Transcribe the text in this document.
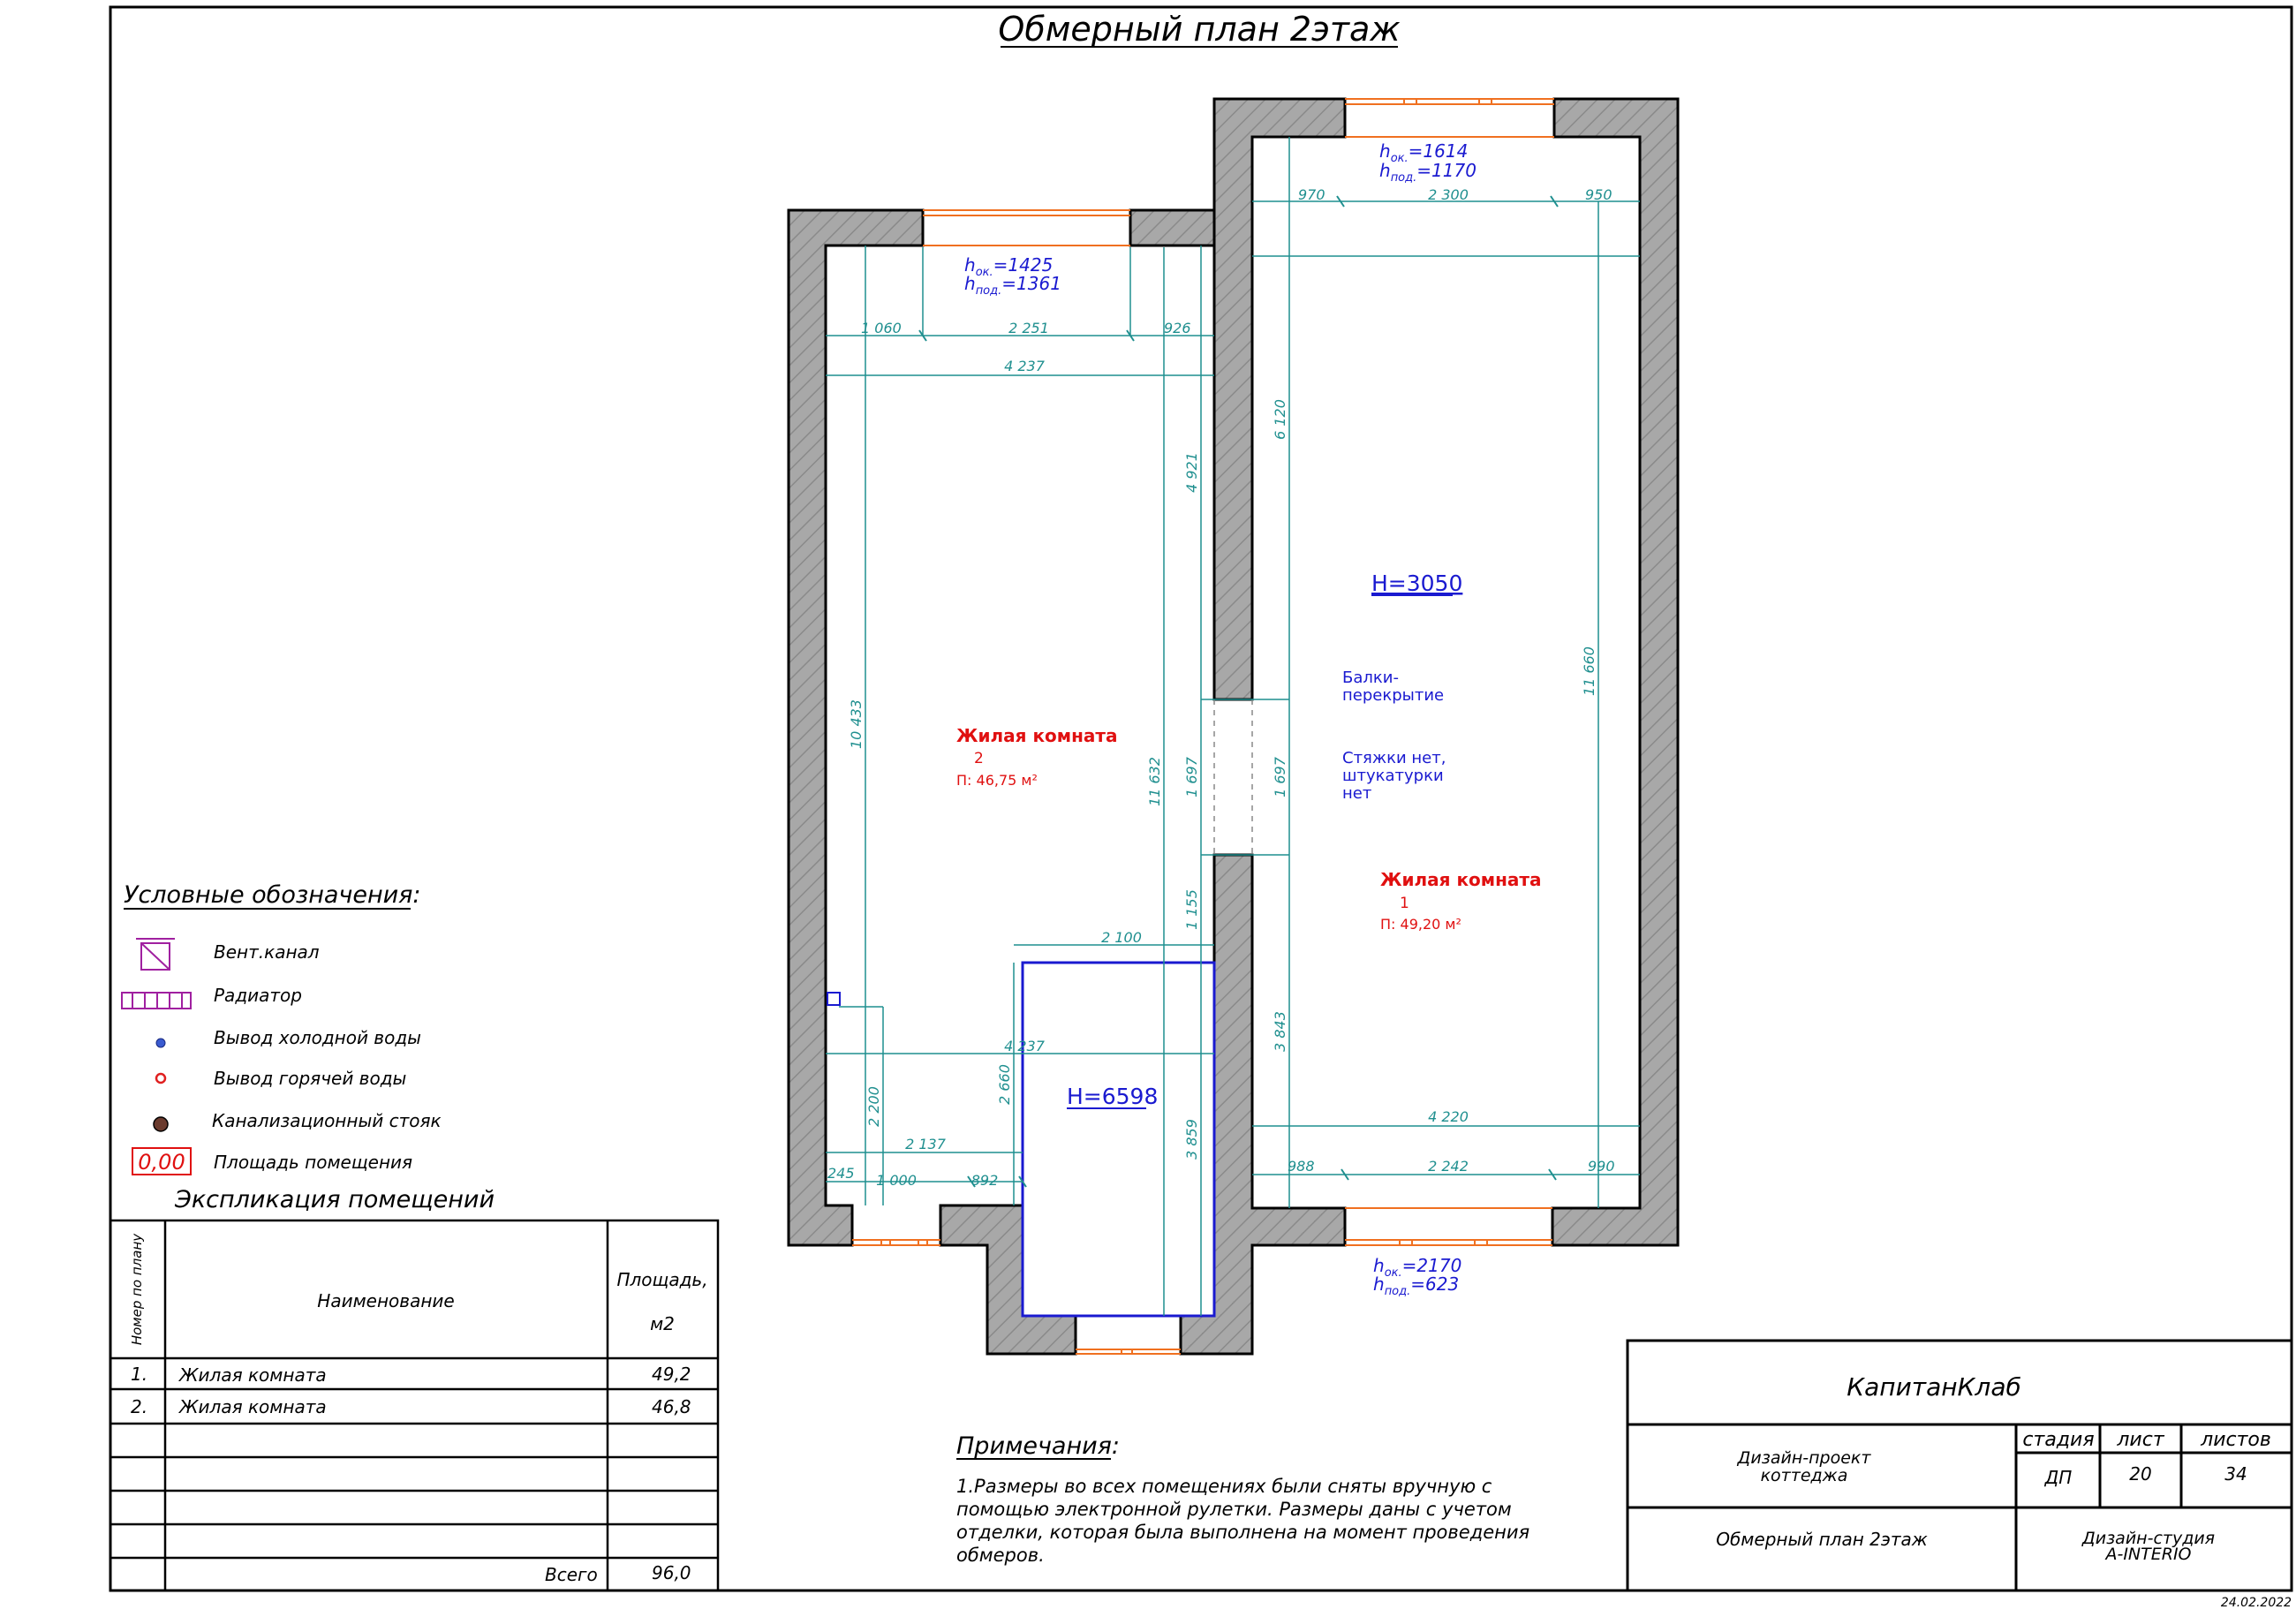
Обмерный план 2этаж
970	2 300	950
1 060	2 251	926
4 237
6 120
4 921
11 660
10 433
11 632 1 697	1 697
1 155
2 100
4 237
2 660
2 200
2 137
245 1 000	892
3 843
3 859
4 220
988	2 242	990
$h_{ок.}=1614$
$h_{под.}=1170$
$h_{ок.}=1425$
$h_{под.}=1361$
$h_{ок.}=2170$
$h_{под.}=623$
Жилая комната
2
П: 46,75 м²
Жилая комната
1
П: 49,20 м²
H=3050
H=6598
Балки-
перекрытие
Стяжки нет,
штукатурки
нет
Условные обозначения:
Вент.канал
Радиатор
Вывод холодной воды
Вывод горячей воды
Канализационный стояк
0,00 Площадь помещения
Экспликация помещений
Номер по плану	Наименование
Площадь,
м2
1. Жилая комната	49,2
2. Жилая комната	46,8
Всего	96,0
Примечания:
1.Размеры во всех помещениях были сняты вручную с
помощью электронной рулетки. Размеры даны с учетом
отделки, которая была выполнена на момент проведения
обмеров.
КапитанКлаб
стадия лист листов
Дизайн-проект
коттеджа	ДП	20	34
Обмерный план 2этаж	Дизайн-студия
A-INTERIO
24.02.2022
